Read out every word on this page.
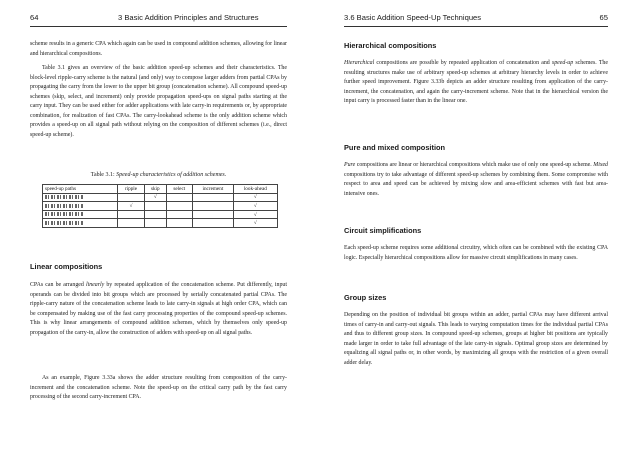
64	3 Basic Addition Principles and Structures

scheme results in a generic CPA which again can be used in compound addition schemes, allowing for linear and hierarchical compositions.

Table 3.1 gives an overview of the basic addition speed-up schemes and their characteristics. The block-level ripple-carry scheme is the natural (and only) way to compose larger adders from partial CPAs by propagating the carry from the lower to the upper bit group (concatenation scheme). All compound speed-up schemes (skip, select, and increment) only provide propagation speed-ups on signal paths starting at the carry input. They can be used either for adder applications with late carry-in requirements or, by appropriate combination, for realization of fast CPAs. The carry-lookahead scheme is the only addition scheme which provides a speed-up on all signal path without relying on the composition of different schemes (i.e., direct speed-up scheme).

Table 3.1: Speed-up characteristics of addition schemes.
speed-up paths	ripple	skip	select	increment	look-ahead
		√			√
	√				√
					√
					√
Linear compositions

CPAs can be arranged linearly by repeated application of the concatenation scheme. Put differently, input operands can be divided into bit groups which are processed by serially concatenated partial CPAs. The ripple-carry nature of the concatenation scheme leads to late carry-in signals at high order CPA, which can be compensated by making use of the fast carry processing properties of the compound speed-up schemes. This is why linear arrangements of compound addition schemes, which by themselves only speed-up propagation of the carry-in, allow the construction of adders with speed-up on all signal paths.

As an example, Figure 3.33a shows the adder structure resulting from composition of the carry-increment and the concatenation scheme. Note the speed-up on the critical carry path by the fast carry processing of the second carry-increment CPA.

3.6 Basic Addition Speed-Up Techniques	65
Hierarchical compositions

Hierarchical compositions are possible by repeated application of concatenation and speed-up schemes. The resulting structures make use of arbitrary speed-up schemes at arbitrary hierarchy levels in order to achieve further speed improvement. Figure 3.33b depicts an adder structure resulting from application of the carry-increment, the concatenation, and again the carry-increment scheme. Note that in the hierarchical version the input carry is processed faster than in the linear one.

Pure and mixed composition

Pure compositions are linear or hierarchical compositions which make use of only one speed-up scheme. Mixed compositions try to take advantage of different speed-up schemes by combining them. Some compromise with respect to area and speed can be achieved by mixing slow and area-efficient schemes with fast but area-intensive ones.

Circuit simplifications

Each speed-up scheme requires some additional circuitry, which often can be combined with the existing CPA logic. Especially hierarchical compositions allow for massive circuit simplifications in many cases.

Group sizes

Depending on the position of individual bit groups within an adder, partial CPAs may have different arrival times of carry-in and carry-out signals. This leads to varying computation times for the individual partial CPAs and thus to different group sizes. In compound speed-up schemes, groups at higher bit positions are typically made larger in order to take full advantage of the late carry-in signals. Optimal group sizes are determined by equalizing all signal paths or, in other words, by maximizing all groups with the restriction of a given overall adder delay.
